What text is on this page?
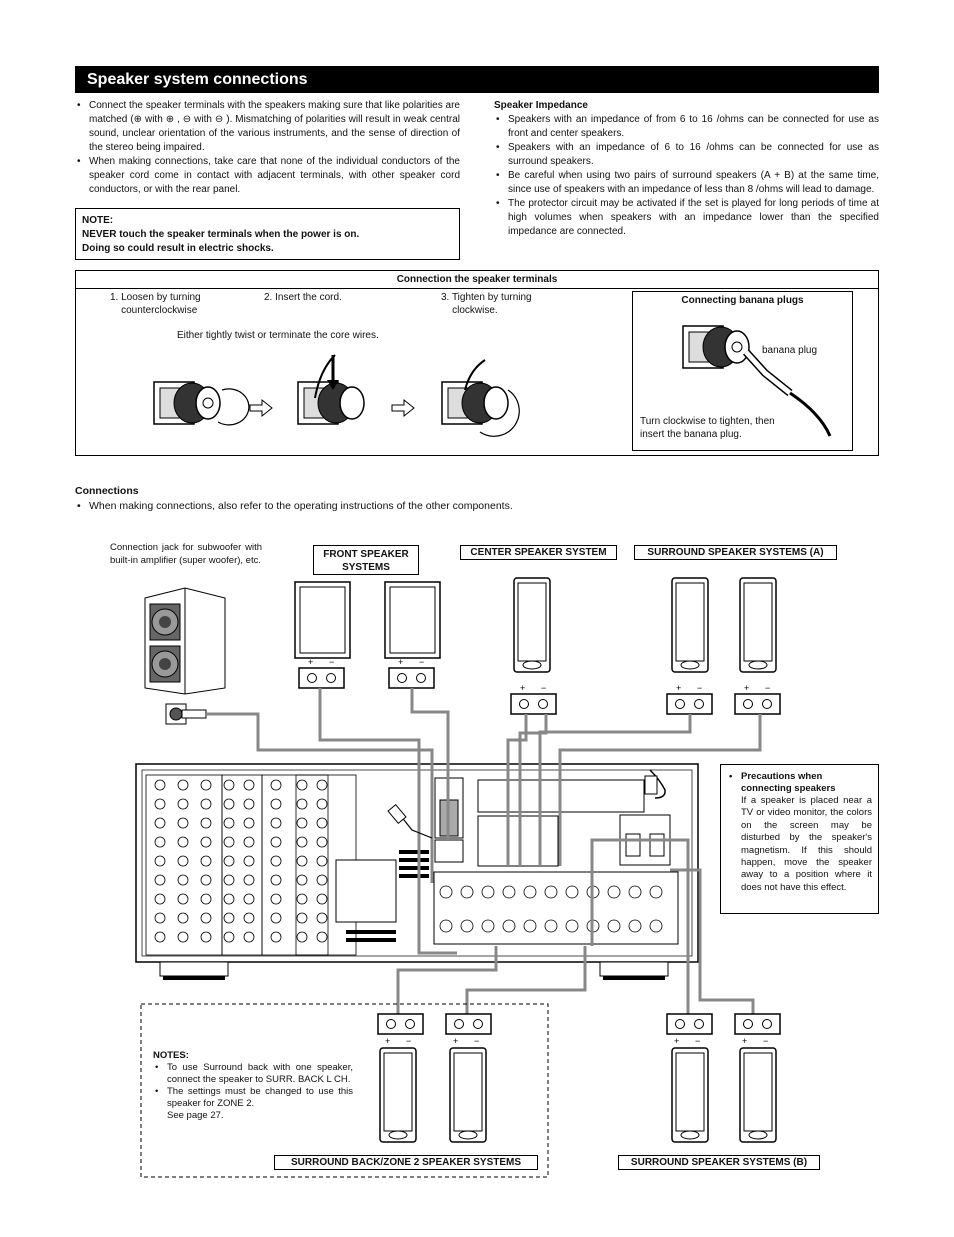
Speaker system connections
• Connect the speaker terminals with the speakers making sure that like polarities are matched (⊕ with ⊕ , ⊖ with ⊖ ). Mismatching of polarities will result in weak central sound, unclear orientation of the various instruments, and the sense of direction of the stereo being impaired.
• When making connections, take care that none of the individual conductors of the speaker cord come in contact with adjacent terminals, with other speaker cord conductors, or with the rear panel.
NOTE:
NEVER touch the speaker terminals when the power is on.
Doing so could result in electric shocks.
Speaker Impedance
• Speakers with an impedance of from 6 to 16 /ohms can be connected for use as front and center speakers.
• Speakers with an impedance of 6 to 16 /ohms can be connected for use as surround speakers.
• Be careful when using two pairs of surround speakers (A + B) at the same time, since use of speakers with an impedance of less than 8 /ohms will lead to damage.
• The protector circuit may be activated if the set is played for long periods of time at high volumes when speakers with an impedance lower than the specified impedance are connected.
Connection the speaker terminals
1. Loosen by turning
counterclockwise
2. Insert the cord.	3. Tighten by turning
clockwise.
Either tightly twist or terminate the core wires.
Connecting banana plugs
banana plug
Turn clockwise to tighten, then insert the banana plug.
Connections
• When making connections, also refer to the operating instructions of the other components.
Connection jack for subwoofer with built-in amplifier (super woofer), etc.
FRONT SPEAKER SYSTEMS
CENTER SPEAKER SYSTEM	SURROUND SPEAKER SYSTEMS (A)
+ −	+ −
+ −	+ −	+ −
+ −	+ −	+ −	+ −
• Precautions when connecting speakers
If a speaker is placed near a TV or video monitor, the colors on the screen may be disturbed by the speaker's magnetism. If this should happen, move the speaker away to a position where it does not have this effect.
NOTES:
• To use Surround back with one speaker, connect the speaker to SURR. BACK L CH.
• The settings must be changed to use this speaker for ZONE 2.
See page 27.
SURROUND BACK/ZONE 2 SPEAKER SYSTEMS	SURROUND SPEAKER SYSTEMS (B)
